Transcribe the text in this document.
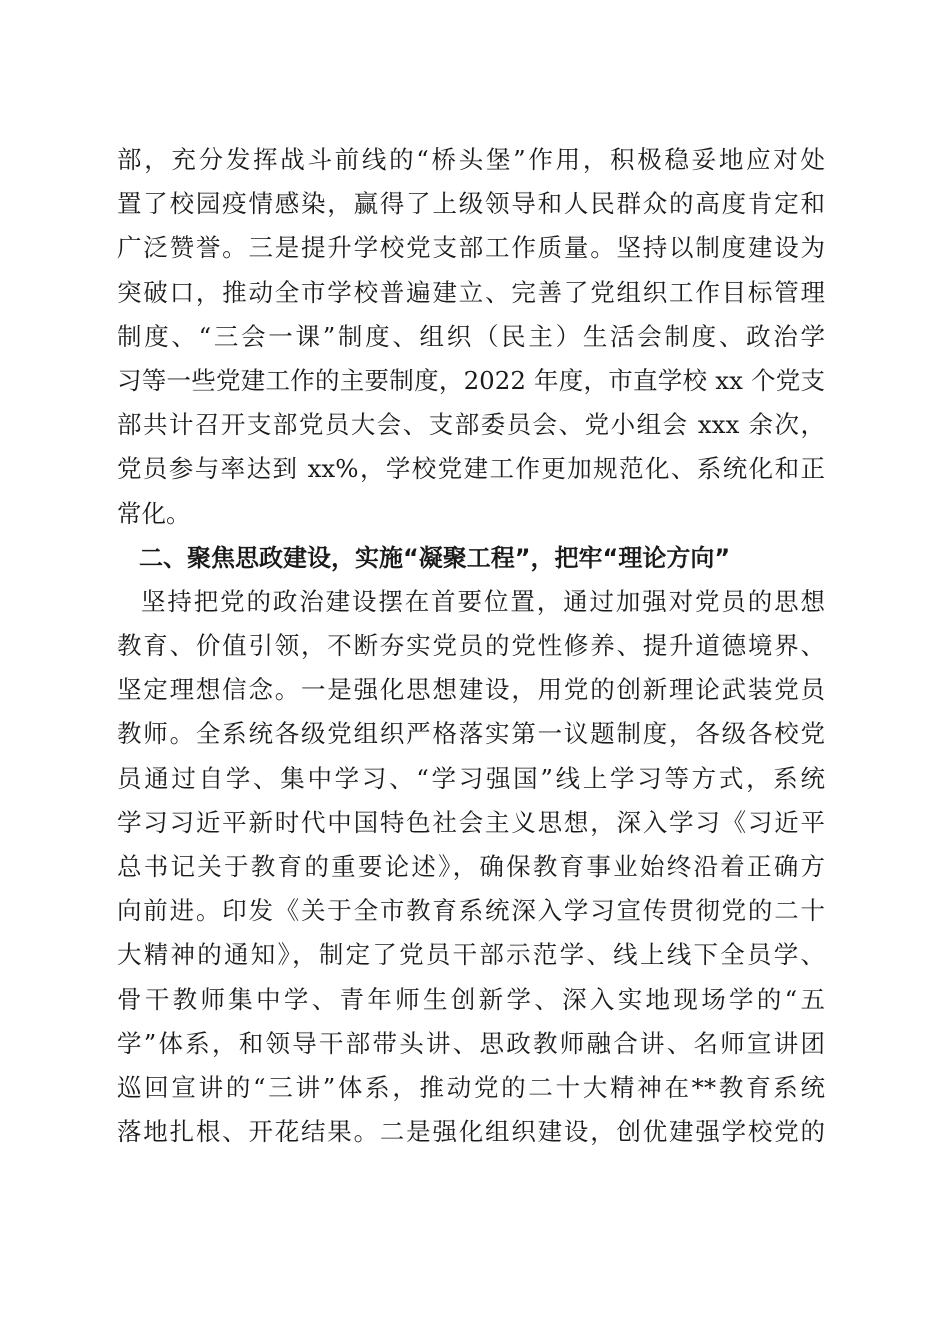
部，充分发挥战斗前线的“桥头堡”作用，积极稳妥地应对处
置了校园疫情感染，赢得了上级领导和人民群众的高度肯定和
广泛赞誉。三是提升学校党支部工作质量。坚持以制度建设为
突破口，推动全市学校普遍建立、完善了党组织工作目标管理
制度、“三会一课”制度、组织（民主）生活会制度、政治学
习等一些党建工作的主要制度，2022 年度，市直学校 xx 个党支
部共计召开支部党员大会、支部委员会、党小组会 xxx 余次，
党员参与率达到 xx%，学校党建工作更加规范化、系统化和正
常化。
二、聚焦思政建设，实施“凝聚工程”，把牢“理论方向”
坚持把党的政治建设摆在首要位置，通过加强对党员的思想
教育、价值引领，不断夯实党员的党性修养、提升道德境界、
坚定理想信念。一是强化思想建设，用党的创新理论武装党员
教师。全系统各级党组织严格落实第一议题制度，各级各校党
员通过自学、集中学习、“学习强国”线上学习等方式，系统
学习习近平新时代中国特色社会主义思想，深入学习《习近平
总书记关于教育的重要论述》，确保教育事业始终沿着正确方
向前进。印发《关于全市教育系统深入学习宣传贯彻党的二十
大精神的通知》，制定了党员干部示范学、线上线下全员学、
骨干教师集中学、青年师生创新学、深入实地现场学的“五
学”体系，和领导干部带头讲、思政教师融合讲、名师宣讲团
巡回宣讲的“三讲”体系，推动党的二十大精神在**教育系统
落地扎根、开花结果。二是强化组织建设，创优建强学校党的
